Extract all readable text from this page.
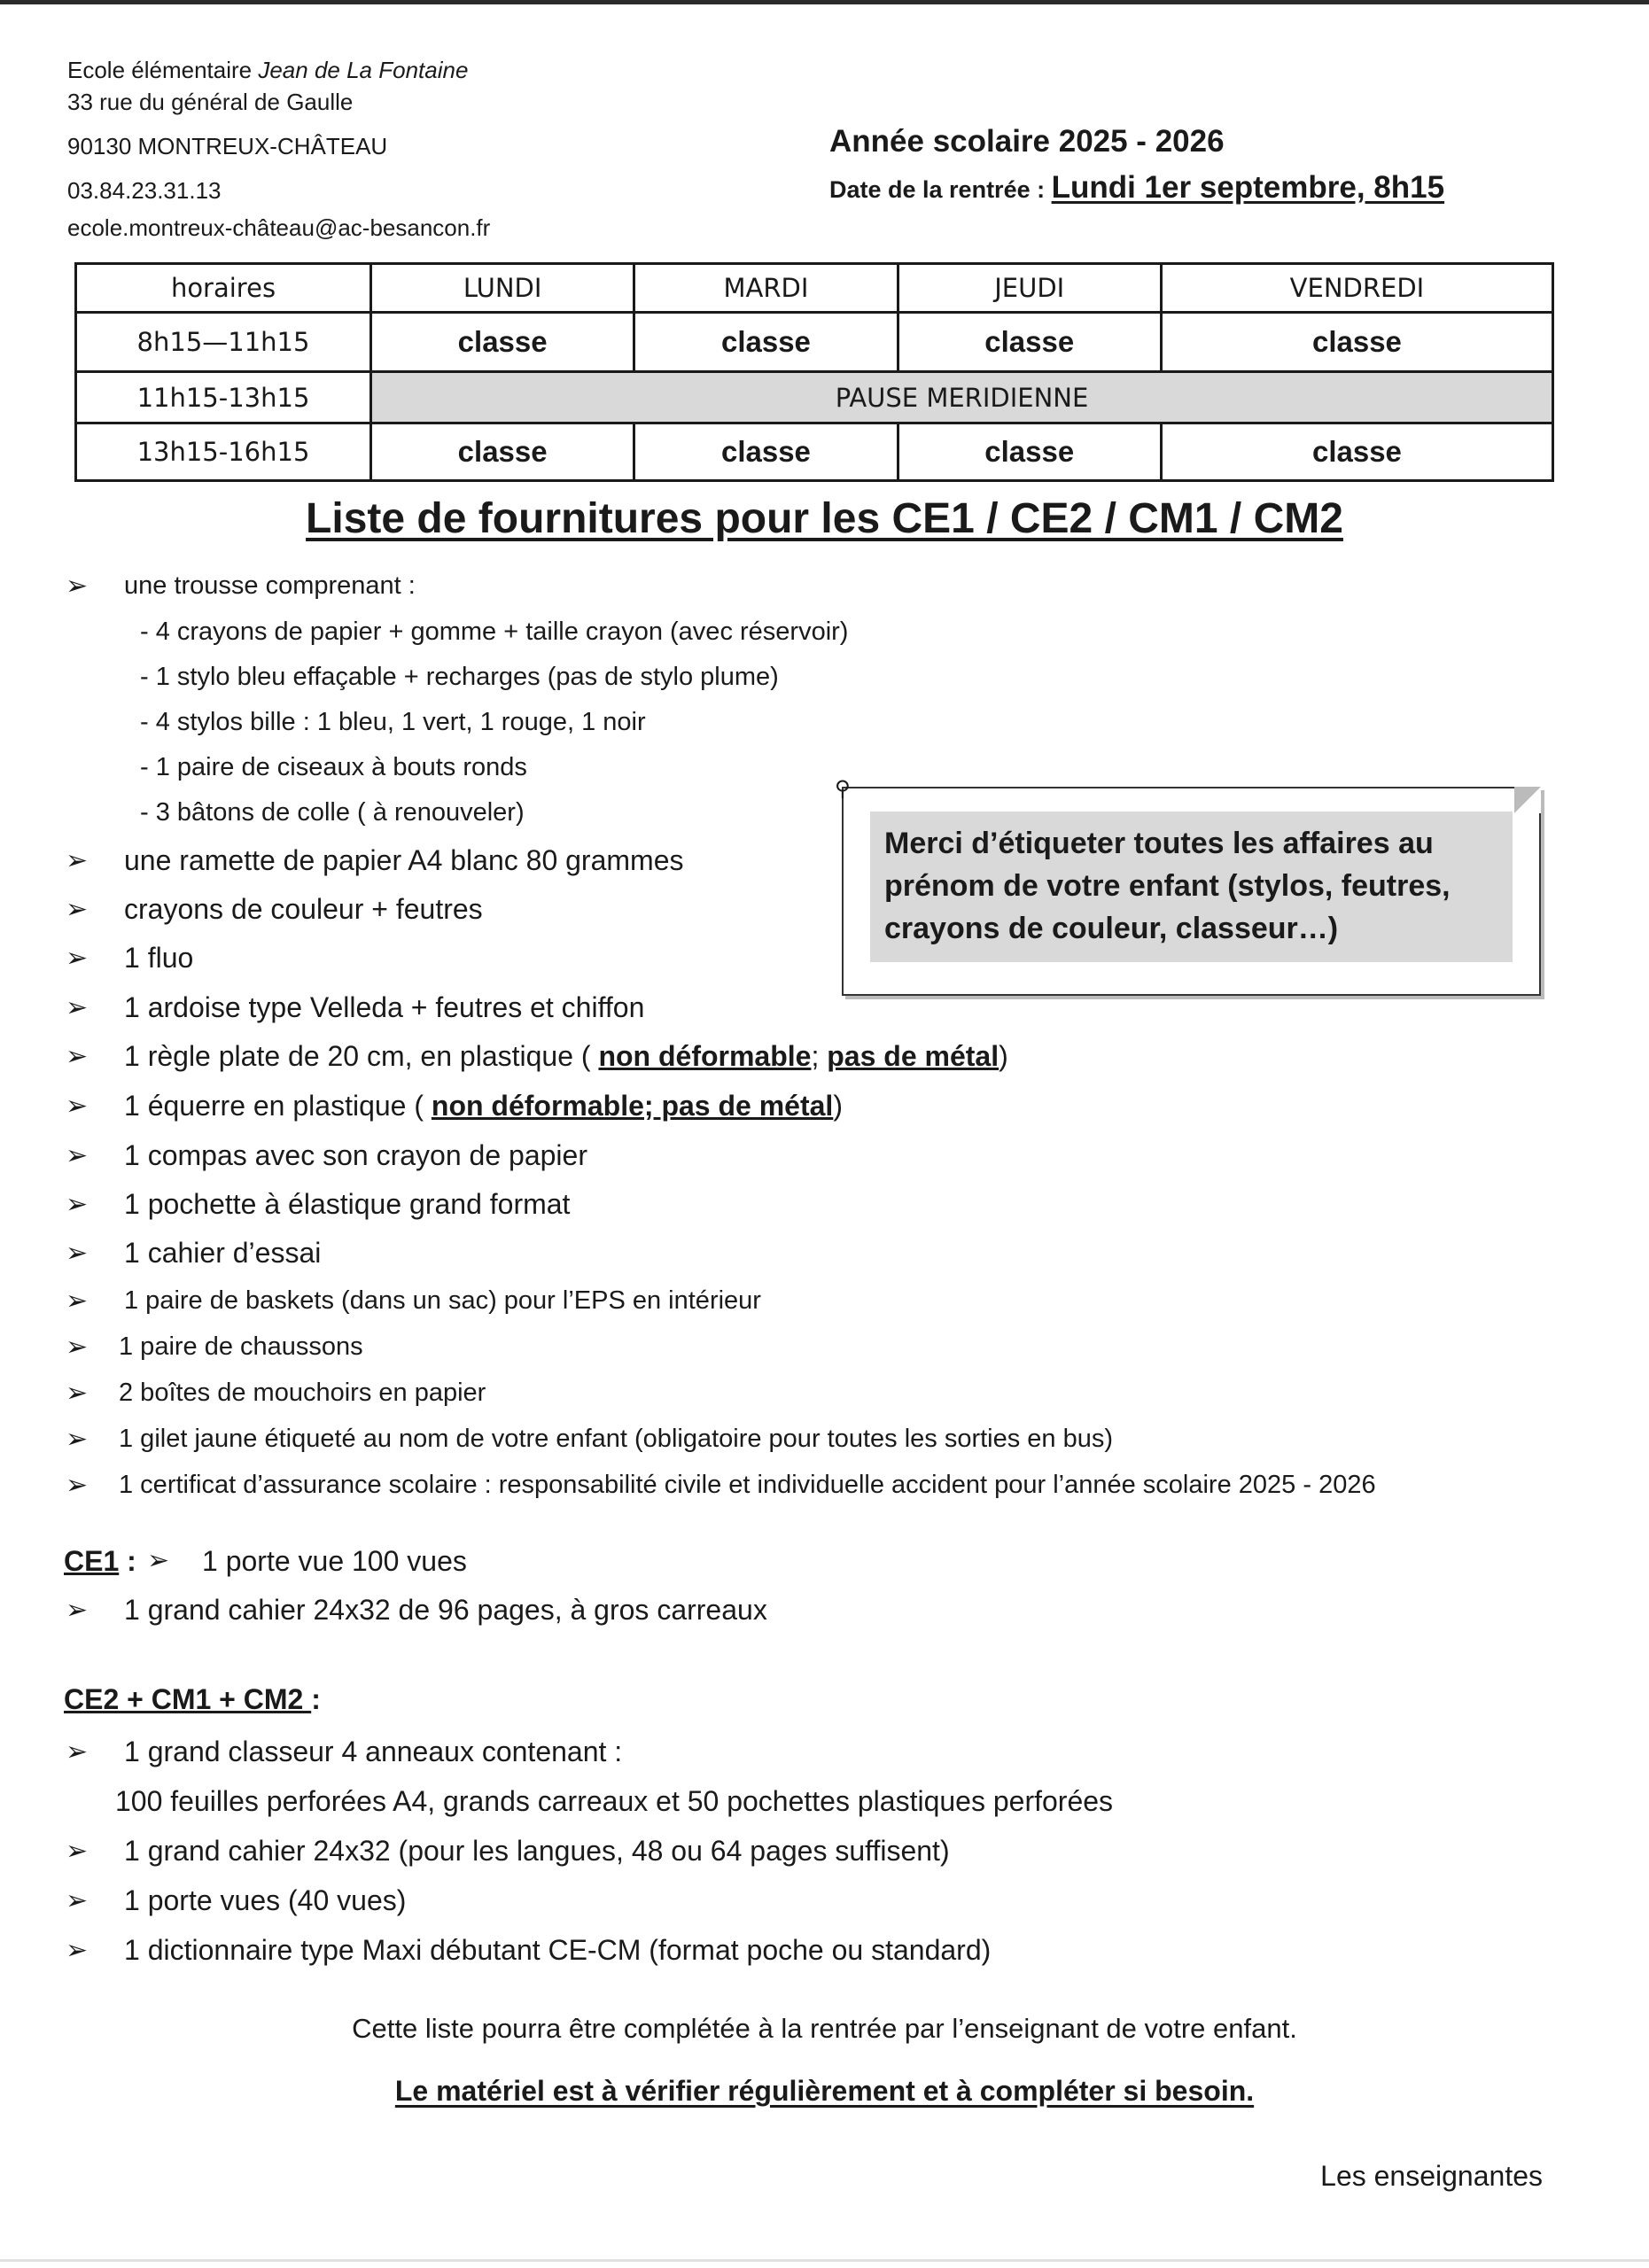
Ecole élémentaire Jean de La Fontaine
33 rue du général de Gaulle
90130 MONTREUX-CHÂTEAU
03.84.23.31.13
ecole.montreux-château@ac-besancon.fr
Année scolaire 2025 - 2026
Date de la rentrée : Lundi 1er septembre, 8h15
horaires	LUNDI	MARDI	JEUDI	VENDREDI
8h15—11h15	classe	classe	classe	classe
11h15-13h15	PAUSE MERIDIENNE			
13h15-16h15	classe	classe	classe	classe
Liste de fournitures pour les CE1 / CE2 / CM1 / CM2
➢ une trousse comprenant :
- 4 crayons de papier + gomme + taille crayon (avec réservoir)
- 1 stylo bleu effaçable + recharges (pas de stylo plume)
- 4 stylos bille : 1 bleu, 1 vert, 1 rouge, 1 noir
- 1 paire de ciseaux à bouts ronds
- 3 bâtons de colle ( à renouveler)
➢ une ramette de papier A4 blanc 80 grammes
➢ crayons de couleur + feutres
➢ 1 fluo
➢ 1 ardoise type Velleda + feutres et chiffon
➢ 1 règle plate de 20 cm, en plastique ( non déformable; pas de métal)
➢ 1 équerre en plastique ( non déformable; pas de métal)
➢ 1 compas avec son crayon de papier
➢ 1 pochette à élastique grand format
➢ 1 cahier d’essai
➢ 1 paire de baskets (dans un sac) pour l’EPS en intérieur
➢ 1 paire de chaussons
➢ 2 boîtes de mouchoirs en papier
➢ 1 gilet jaune étiqueté au nom de votre enfant (obligatoire pour toutes les sorties en bus)
➢ 1 certificat d’assurance scolaire : responsabilité civile et individuelle accident pour l’année scolaire 2025 - 2026
⚲
Merci d’étiqueter toutes les affaires au prénom de votre enfant (stylos, feutres, crayons de couleur, classeur…)
CE1 : ➢ 1 porte vue 100 vues
➢ 1 grand cahier 24x32 de 96 pages, à gros carreaux
CE2 + CM1 + CM2 :
➢ 1 grand classeur 4 anneaux contenant :
100 feuilles perforées A4, grands carreaux et 50 pochettes plastiques perforées
➢ 1 grand cahier 24x32 (pour les langues, 48 ou 64 pages suffisent)
➢ 1 porte vues (40 vues)
➢ 1 dictionnaire type Maxi débutant CE-CM (format poche ou standard)
Cette liste pourra être complétée à la rentrée par l’enseignant de votre enfant.
Le matériel est à vérifier régulièrement et à compléter si besoin.
Les enseignantes
